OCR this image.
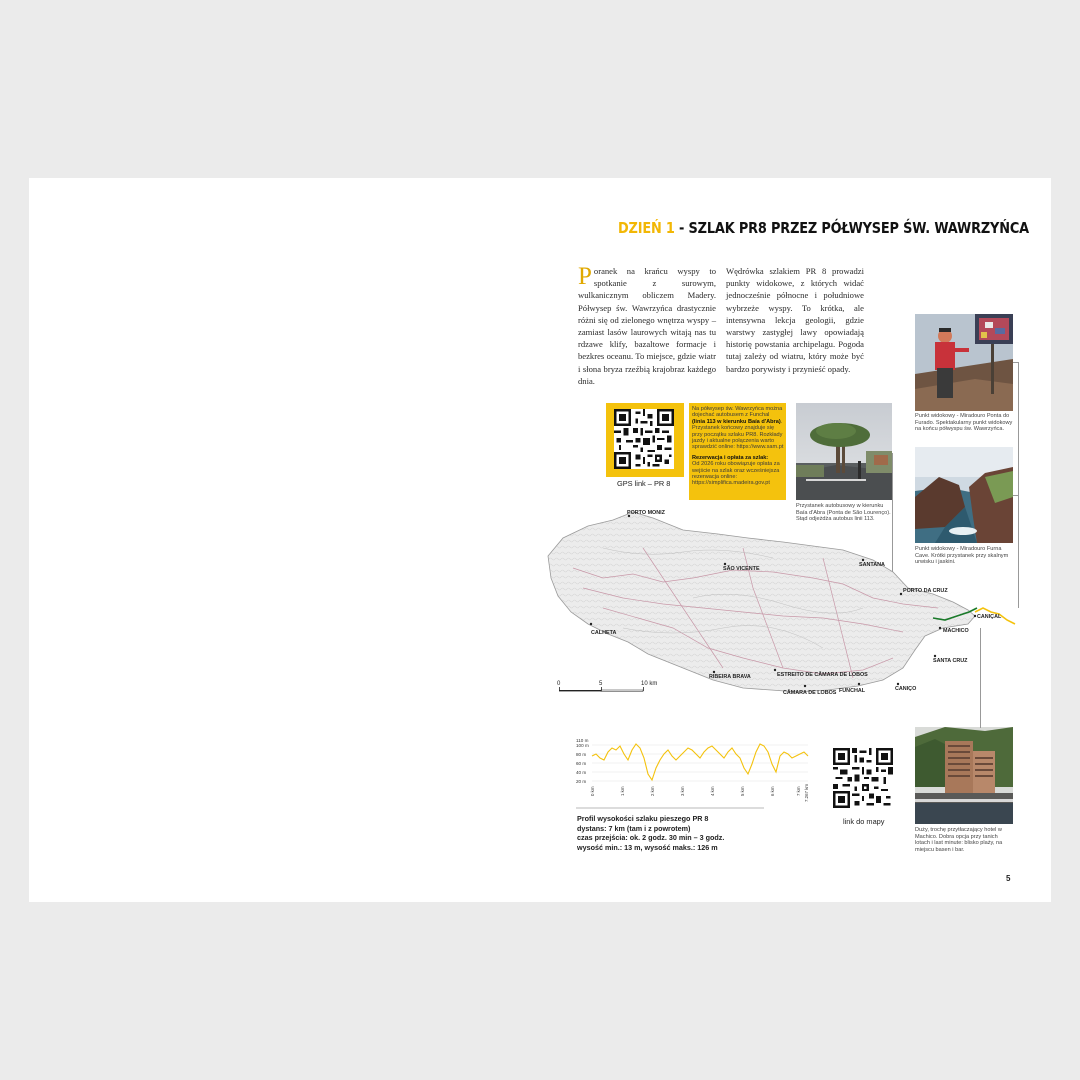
DZIEŃ 1 - SZLAK PR8 PRZEZ PÓŁWYSEP ŚW. WAWRZYŃCA
Poranek na krańcu wyspy to spotkanie z surowym, wulkanicznym obliczem Madery. Półwysep św. Wawrzyńca drastycznie różni się od zielonego wnętrza wyspy – zamiast lasów laurowych witają nas tu rdzawe klify, bazaltowe formacje i bezkres oceanu. To miejsce, gdzie wiatr i słona bryza rzeźbią krajobraz każdego dnia.
Wędrówka szlakiem PR 8 prowadzi punkty widokowe, z których widać jednocześnie północne i południowe wybrzeże wyspy. To krótka, ale intensywna lekcja geologii, gdzie warstwy zastygłej lawy opowiadają historię powstania archipelagu. Pogoda tutaj zależy od wiatru, który może być bardzo porywisty i przynieść opady.
GPS link – PR 8
Na półwysep św. Wawrzyńca można dojechać autobusem z Funchal (linia 113 w kierunku Baía d'Abra). Przystanek końcowy znajduje się przy początku szlaku PR8. Rozkłady jazdy i aktualne połączenia warto sprawdzić online: https://www.sam.pt
Rezerwacja i opłata za szlak:
Od 2026 roku obowiązuje opłata za wejście na szlak oraz wcześniejsza rezerwacja online: https://simplifica.madeira.gov.pt
Przystanek autobusowy w kierunku Baía d'Abra (Ponta de São Lourenço). Stąd odjeżdża autobus linii 113.
Punkt widokowy - Miradouro Ponta do Furado. Spektakularny punkt widokowy na końcu półwyspu św. Wawrzyńca.
Punkt widokowy - Miradouro Furna Cave. Krótki przystanek przy skalnym urwisku i jaskini.
Duży, trochę przytłaczający hotel w Machico. Dobra opcja przy tanich lotach i last minute: blisko plaży, na miejscu basen i bar.
PORTO MONIZ
SÃO VICENTE
SANTANA
PORTO DA CRUZ
CANIÇAL
MACHICO
SANTA CRUZ
CANIÇO
FUNCHAL
CÂMARA DE LOBOS
ESTREITO DE CÂMARA DE LOBOS
RIBEIRA BRAVA
CALHETA
0	5	10 km
110 m
100 m
80 m
60 m
40 m
20 m
0 km	1 km	2 km	3 km	4 km	5 km	6 km	7 km 7.267 km
Profil wysokości szlaku pieszego PR 8
dystans: 7 km (tam i z powrotem)
czas przejścia: ok. 2 godz. 30 min – 3 godz.
wysość min.: 13 m, wysość maks.: 126 m
link do mapy
5
